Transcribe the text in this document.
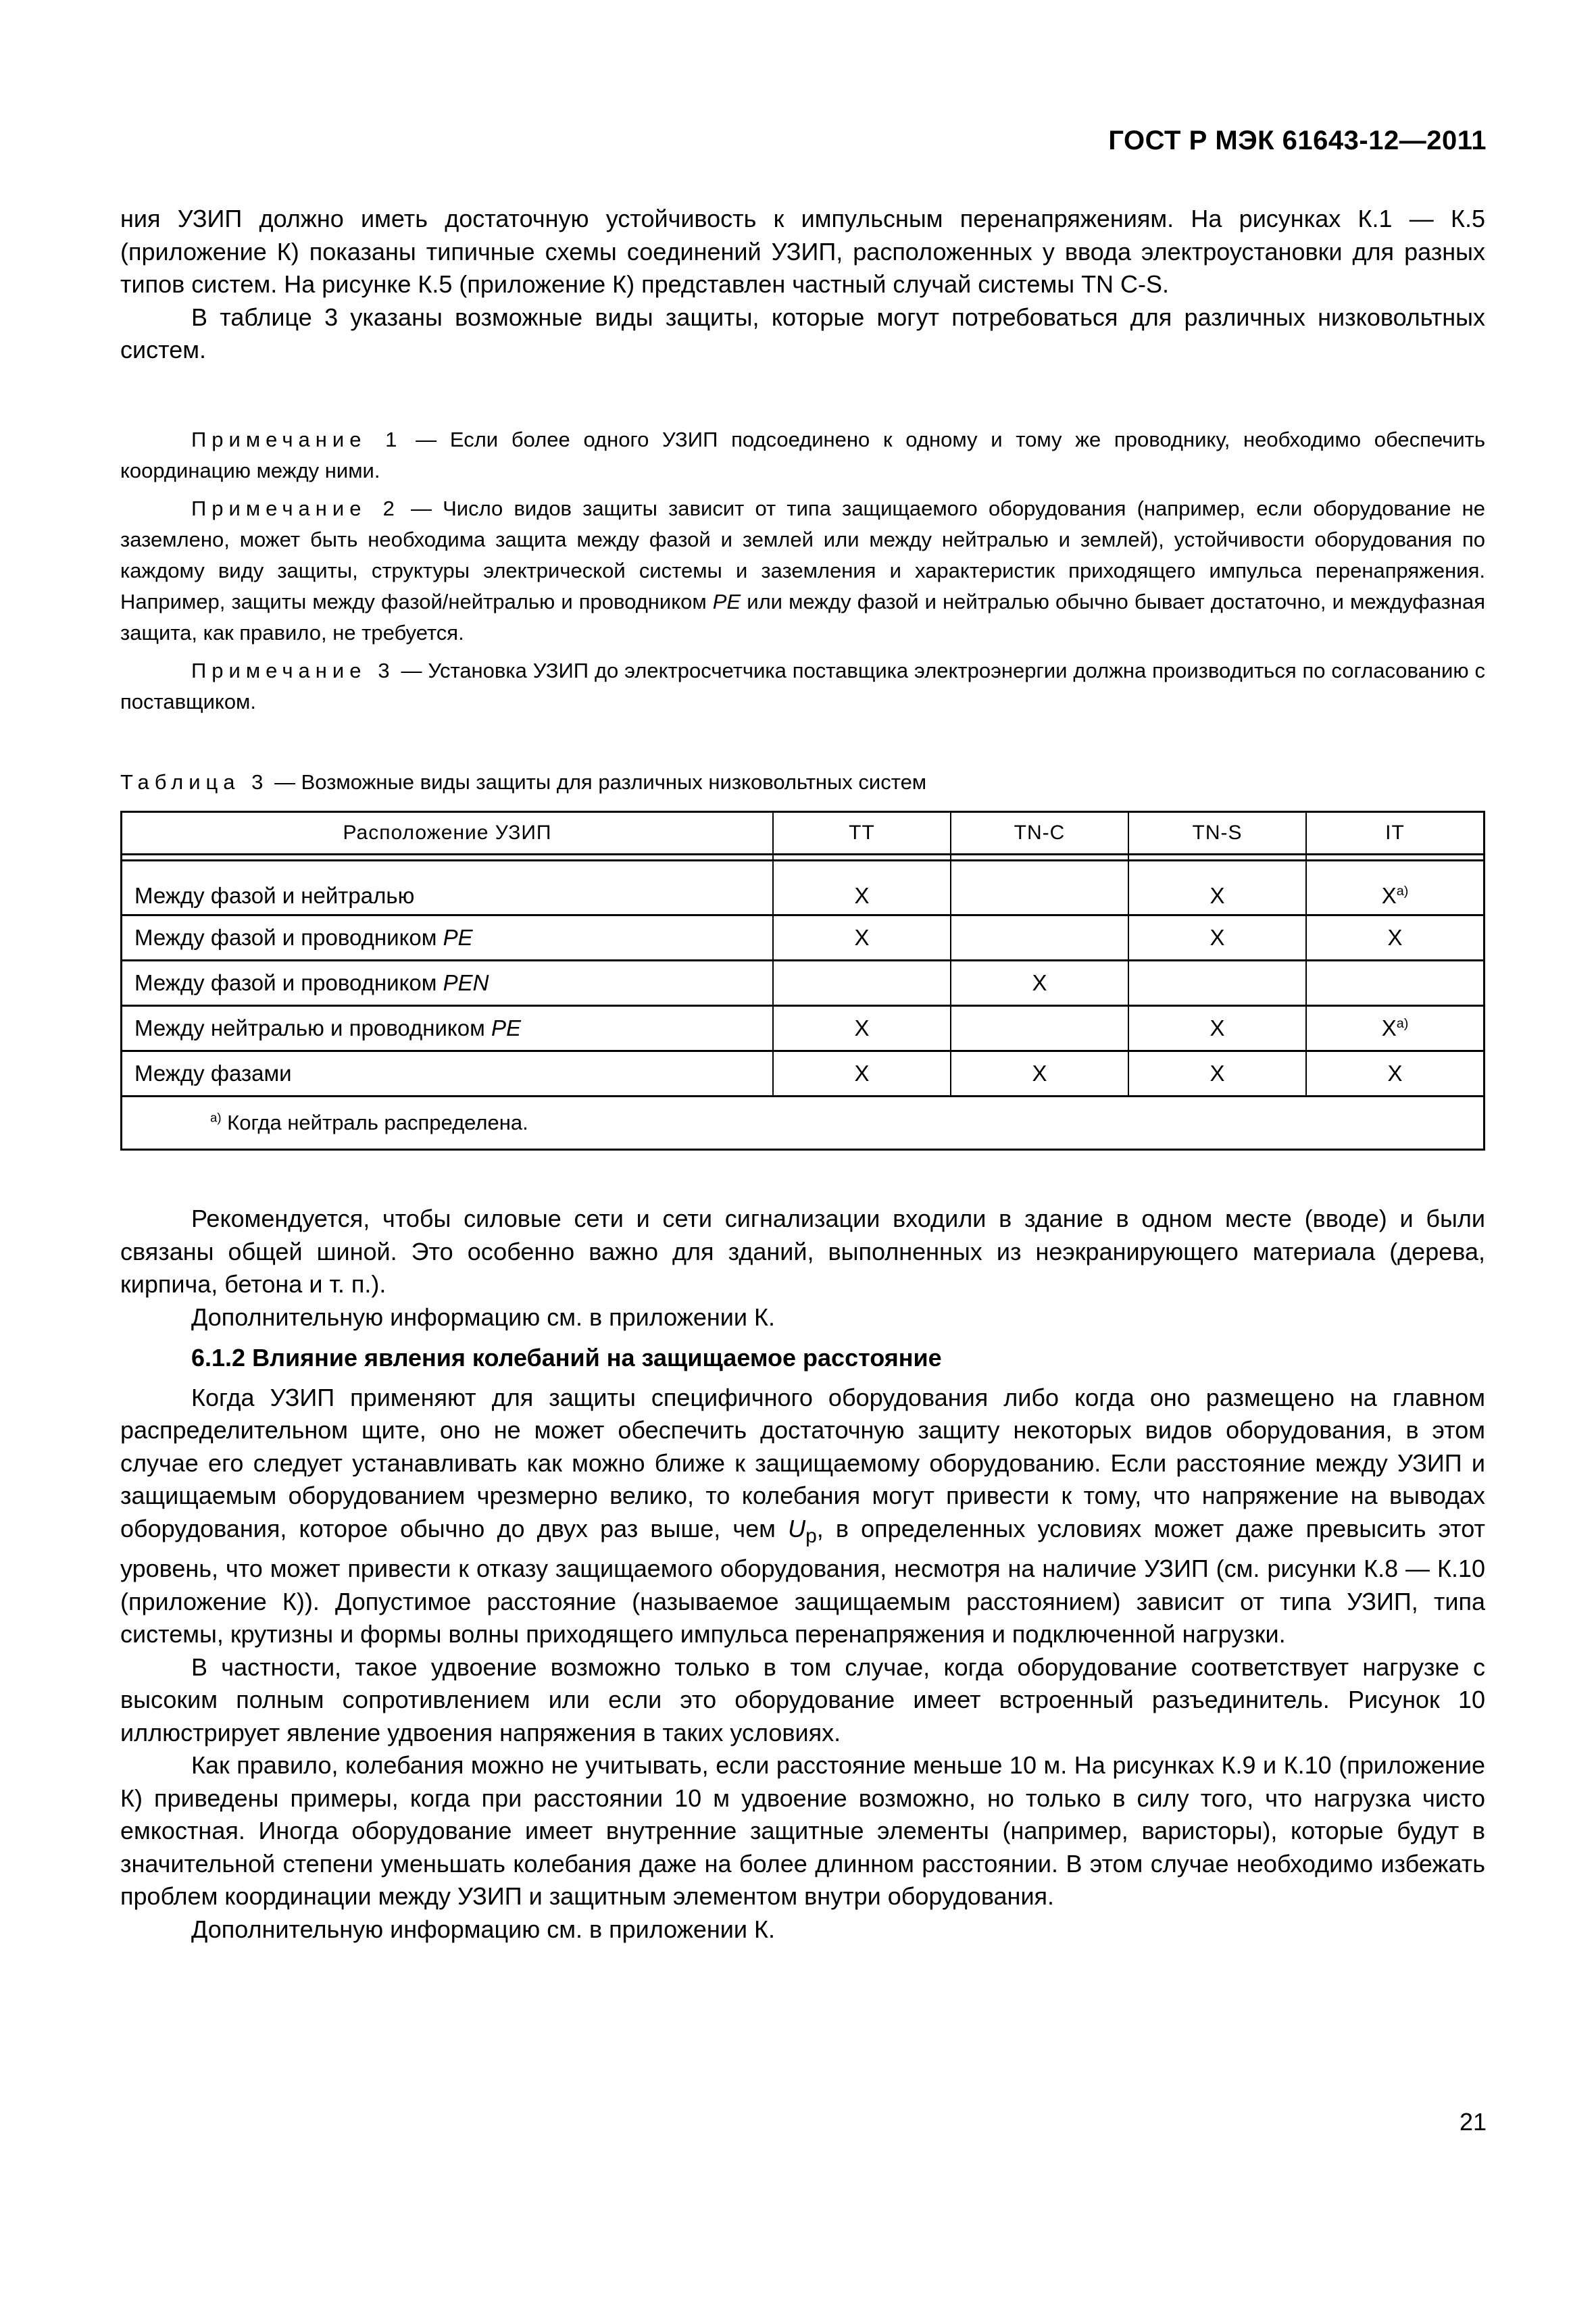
ГОСТ Р МЭК 61643-12—2011

ния УЗИП должно иметь достаточную устойчивость к импульсным перенапряжениям. На рисунках К.1 — К.5 (приложение К) показаны типичные схемы соединений УЗИП, расположенных у ввода электроустановки для разных типов систем. На рисунке К.5 (приложение К) представлен частный случай системы TN C-S.

В таблице 3 указаны возможные виды защиты, которые могут потребоваться для различных низковольтных систем.

Примечание 1 — Если более одного УЗИП подсоединено к одному и тому же проводнику, необходимо обеспечить координацию между ними.

Примечание 2 — Число видов защиты зависит от типа защищаемого оборудования (например, если оборудование не заземлено, может быть необходима защита между фазой и землей или между нейтралью и землей), устойчивости оборудования по каждому виду защиты, структуры электрической системы и заземления и характеристик приходящего импульса перенапряжения. Например, защиты между фазой/нейтралью и проводником PE или между фазой и нейтралью обычно бывает достаточно, и междуфазная защита, как правило, не требуется.

Примечание 3 — Установка УЗИП до электросчетчика поставщика электроэнергии должна производиться по согласованию с поставщиком.

Таблица 3 — Возможные виды защиты для различных низковольтных систем
Расположение УЗИП	TT	TN-C	TN-S	IT

Между фазой и нейтралью	X		X	$X^{а)}$
Между фазой и проводником PE	X		X	X
Между фазой и проводником PEN		X		
Между нейтралью и проводником PE	X		X	$X^{а)}$
Между фазами	X	X	X	X
$^{а)}$ Когда нейтраль распределена.				

Рекомендуется, чтобы силовые сети и сети сигнализации входили в здание в одном месте (вводе) и были связаны общей шиной. Это особенно важно для зданий, выполненных из неэкранирующего материала (дерева, кирпича, бетона и т. п.).

Дополнительную информацию см. в приложении К.

6.1.2 Влияние явления колебаний на защищаемое расстояние

Когда УЗИП применяют для защиты специфичного оборудования либо когда оно размещено на главном распределительном щите, оно не может обеспечить достаточную защиту некоторых видов оборудования, в этом случае его следует устанавливать как можно ближе к защищаемому оборудованию. Если расстояние между УЗИП и защищаемым оборудованием чрезмерно велико, то колебания могут привести к тому, что напряжение на выводах оборудования, которое обычно до двух раз выше, чем $U_p$, в определенных условиях может даже превысить этот уровень, что может привести к отказу защищаемого оборудования, несмотря на наличие УЗИП (см. рисунки К.8 — К.10 (приложение К)). Допустимое расстояние (называемое защищаемым расстоянием) зависит от типа УЗИП, типа системы, крутизны и формы волны приходящего импульса перенапряжения и подключенной нагрузки.

В частности, такое удвоение возможно только в том случае, когда оборудование соответствует нагрузке с высоким полным сопротивлением или если это оборудование имеет встроенный разъединитель. Рисунок 10 иллюстрирует явление удвоения напряжения в таких условиях.

Как правило, колебания можно не учитывать, если расстояние меньше 10 м. На рисунках К.9 и К.10 (приложение К) приведены примеры, когда при расстоянии 10 м удвоение возможно, но только в силу того, что нагрузка чисто емкостная. Иногда оборудование имеет внутренние защитные элементы (например, варисторы), которые будут в значительной степени уменьшать колебания даже на более длинном расстоянии. В этом случае необходимо избежать проблем координации между УЗИП и защитным элементом внутри оборудования.

Дополнительную информацию см. в приложении К.

21
